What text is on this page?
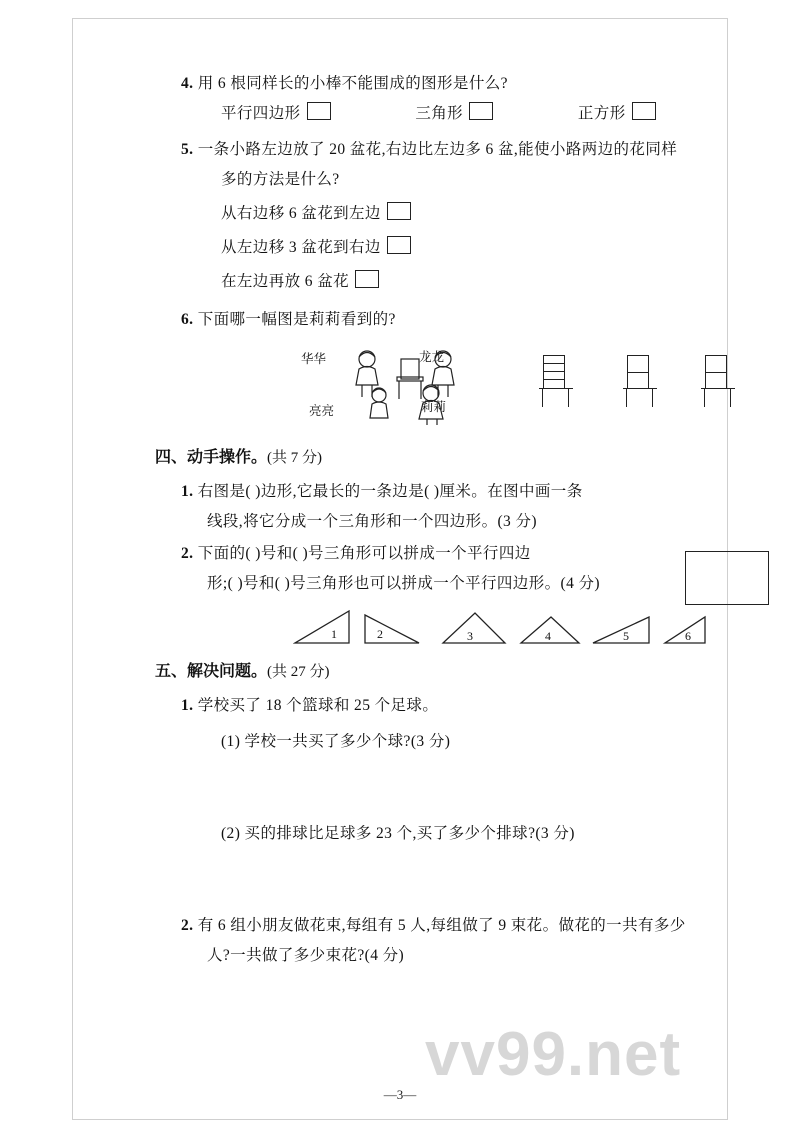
4. 用 6 根同样长的小棒不能围成的图形是什么?
平行四边形	三角形	正方形
5. 一条小路左边放了 20 盆花,右边比左边多 6 盆,能使小路两边的花同样
多的方法是什么?
从右边移 6 盆花到左边
从左边移 3 盆花到右边
在左边再放 6 盆花
6. 下面哪一幅图是莉莉看到的?
华华	龙龙
亮亮	莉莉
四、动手操作。(共 7 分)
1. 右图是( )边形,它最长的一条边是( )厘米。在图中画一条
线段,将它分成一个三角形和一个四边形。(3 分)
2. 下面的( )号和( )号三角形可以拼成一个平行四边
形;( )号和( )号三角形也可以拼成一个平行四边形。(4 分)
1	2	3	4	5	6
五、解决问题。(共 27 分)
1. 学校买了 18 个篮球和 25 个足球。
(1) 学校一共买了多少个球?(3 分)
(2) 买的排球比足球多 23 个,买了多少个排球?(3 分)
2. 有 6 组小朋友做花束,每组有 5 人,每组做了 9 束花。做花的一共有多少
人?一共做了多少束花?(4 分)
vv99.net
—3—
